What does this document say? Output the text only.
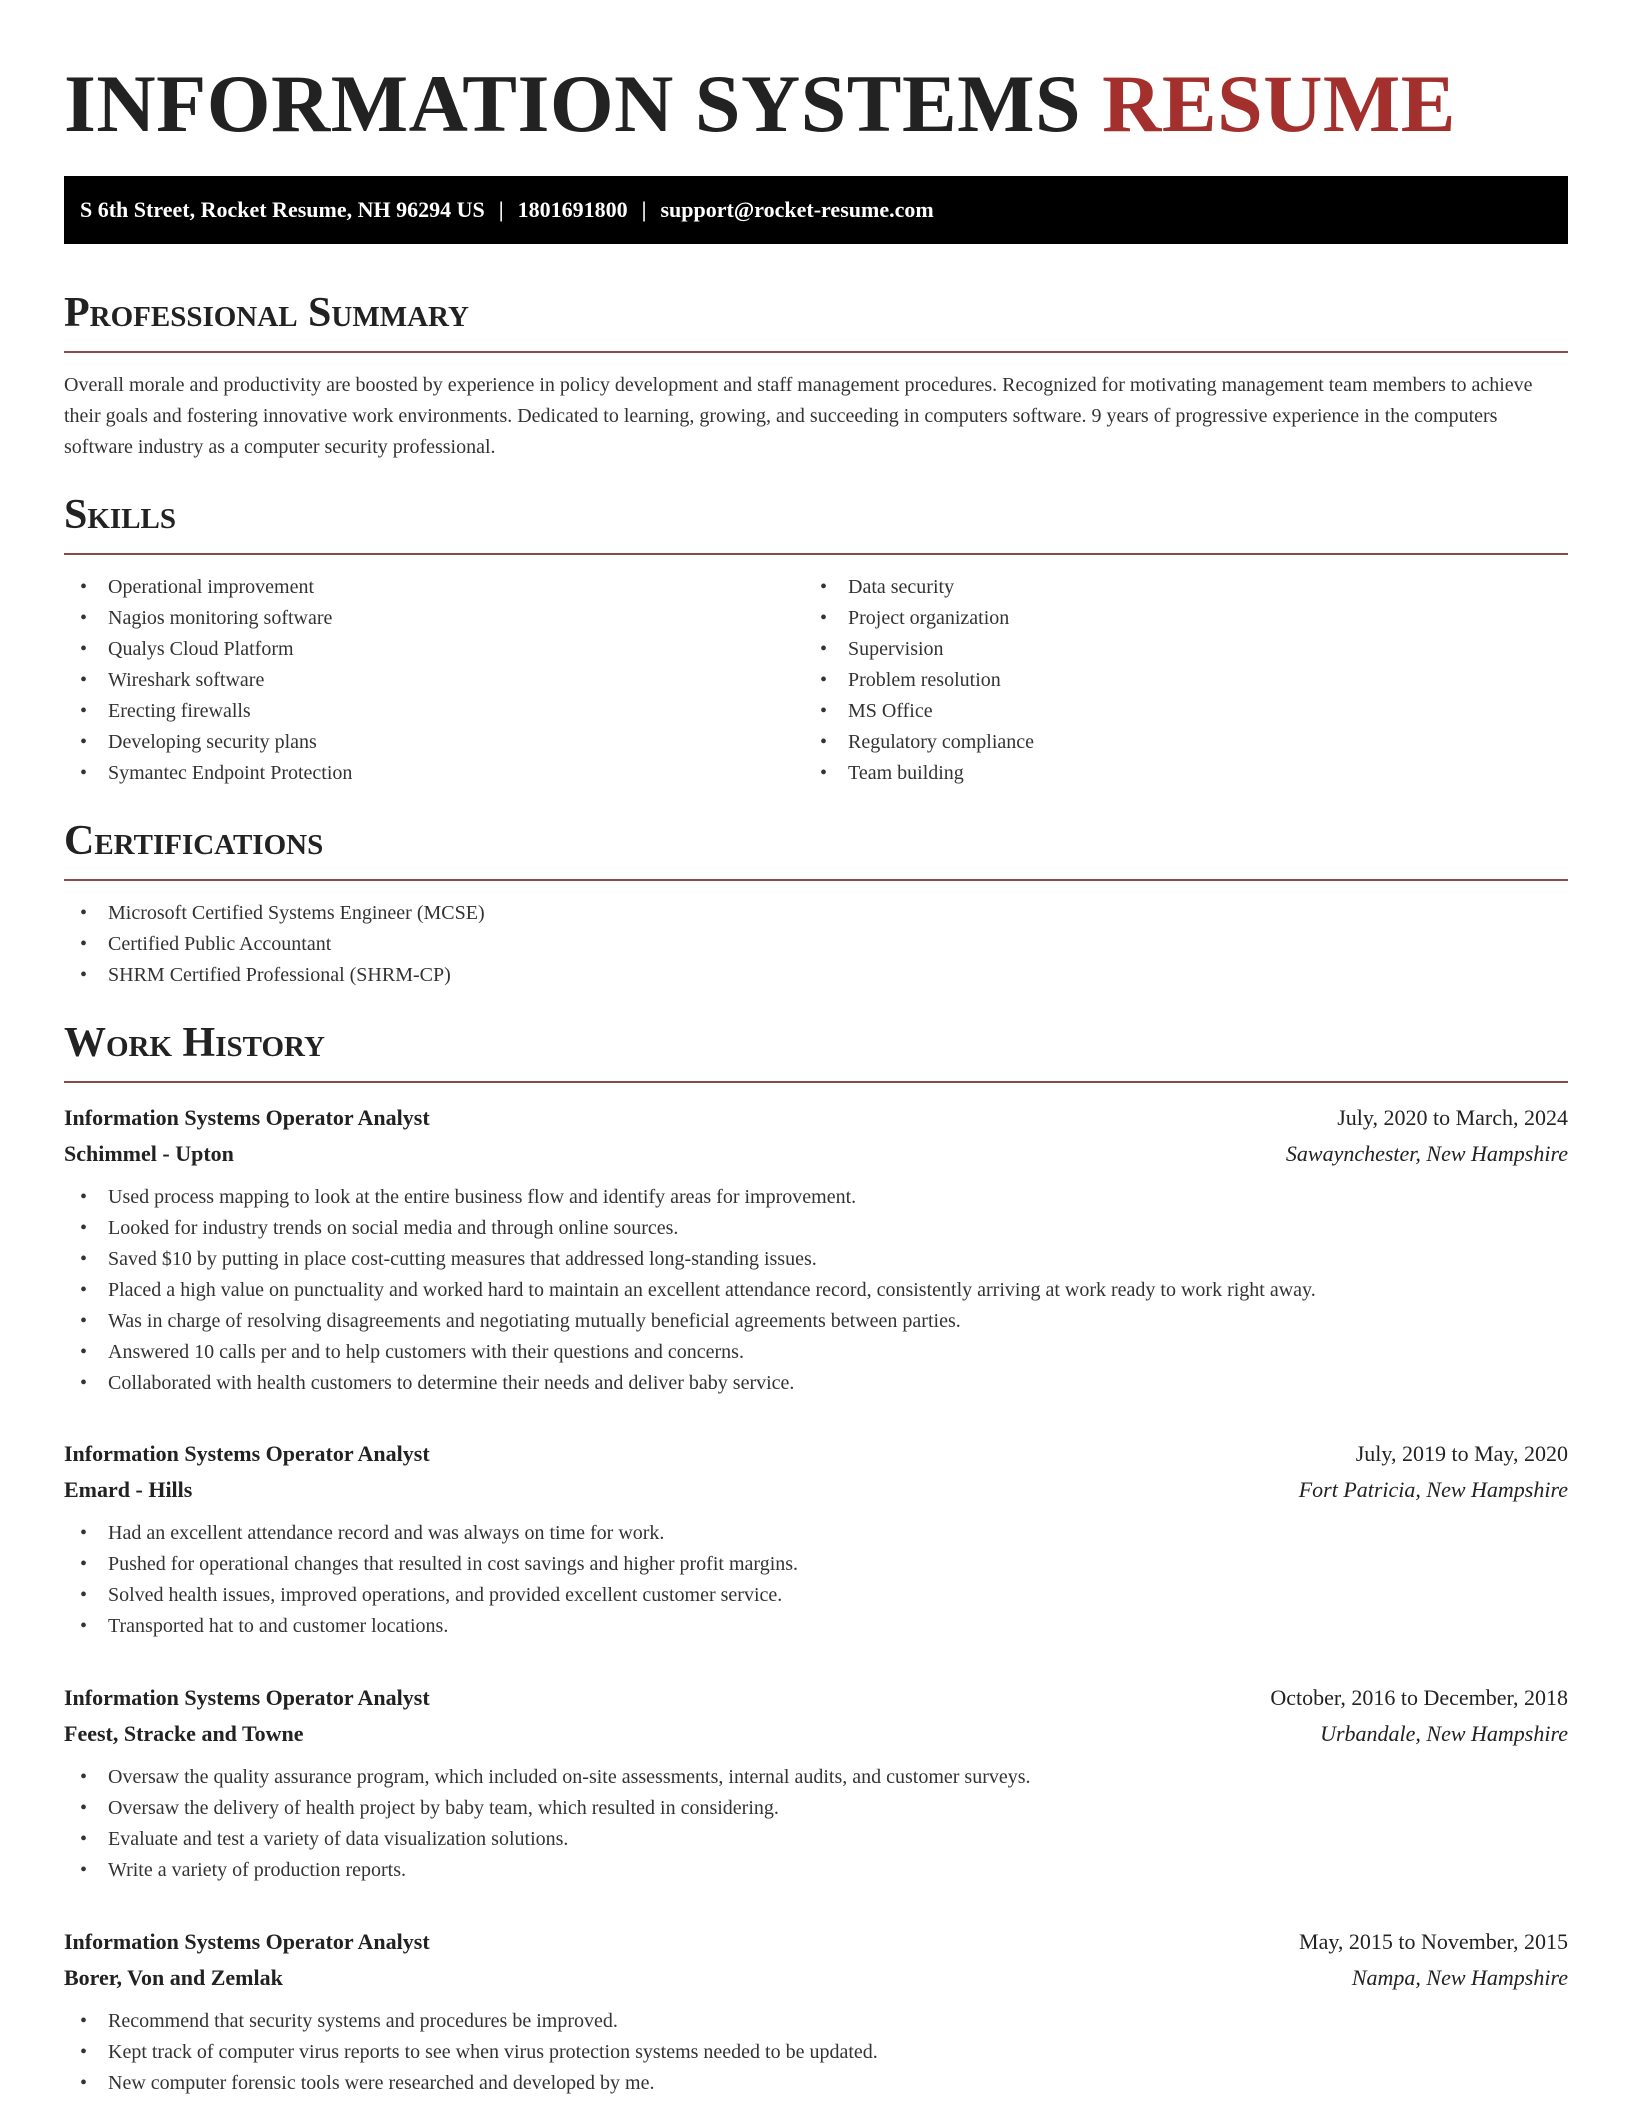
INFORMATION SYSTEMS RESUME
S 6th Street, Rocket Resume, NH 96294 US | 1801691800 | support@rocket-resume.com
Professional Summary

Overall morale and productivity are boosted by experience in policy development and staff management procedures. Recognized for motivating management team members to achieve their goals and fostering innovative work environments. Dedicated to learning, growing, and succeeding in computers software. 9 years of progressive experience in the computers software industry as a computer security professional.

Skills
• Operational improvement
• Nagios monitoring software
• Qualys Cloud Platform
• Wireshark software
• Erecting firewalls
• Developing security plans
• Symantec Endpoint Protection
• Data security
• Project organization
• Supervision
• Problem resolution
• MS Office
• Regulatory compliance
• Team building
Certifications
• Microsoft Certified Systems Engineer (MCSE)
• Certified Public Accountant
• SHRM Certified Professional (SHRM-CP)
Work History
Information Systems Operator Analyst	July, 2020 to March, 2024
Schimmel - Upton	Sawaynchester, New Hampshire
• Used process mapping to look at the entire business flow and identify areas for improvement.
• Looked for industry trends on social media and through online sources.
• Saved $10 by putting in place cost-cutting measures that addressed long-standing issues.
• Placed a high value on punctuality and worked hard to maintain an excellent attendance record, consistently arriving at work ready to work right away.
• Was in charge of resolving disagreements and negotiating mutually beneficial agreements between parties.
• Answered 10 calls per and to help customers with their questions and concerns.
• Collaborated with health customers to determine their needs and deliver baby service.
Information Systems Operator Analyst	July, 2019 to May, 2020
Emard - Hills	Fort Patricia, New Hampshire
• Had an excellent attendance record and was always on time for work.
• Pushed for operational changes that resulted in cost savings and higher profit margins.
• Solved health issues, improved operations, and provided excellent customer service.
• Transported hat to and customer locations.
Information Systems Operator Analyst	October, 2016 to December, 2018
Feest, Stracke and Towne	Urbandale, New Hampshire
• Oversaw the quality assurance program, which included on-site assessments, internal audits, and customer surveys.
• Oversaw the delivery of health project by baby team, which resulted in considering.
• Evaluate and test a variety of data visualization solutions.
• Write a variety of production reports.
Information Systems Operator Analyst	May, 2015 to November, 2015
Borer, Von and Zemlak	Nampa, New Hampshire
• Recommend that security systems and procedures be improved.
• Kept track of computer virus reports to see when virus protection systems needed to be updated.
• New computer forensic tools were researched and developed by me.
